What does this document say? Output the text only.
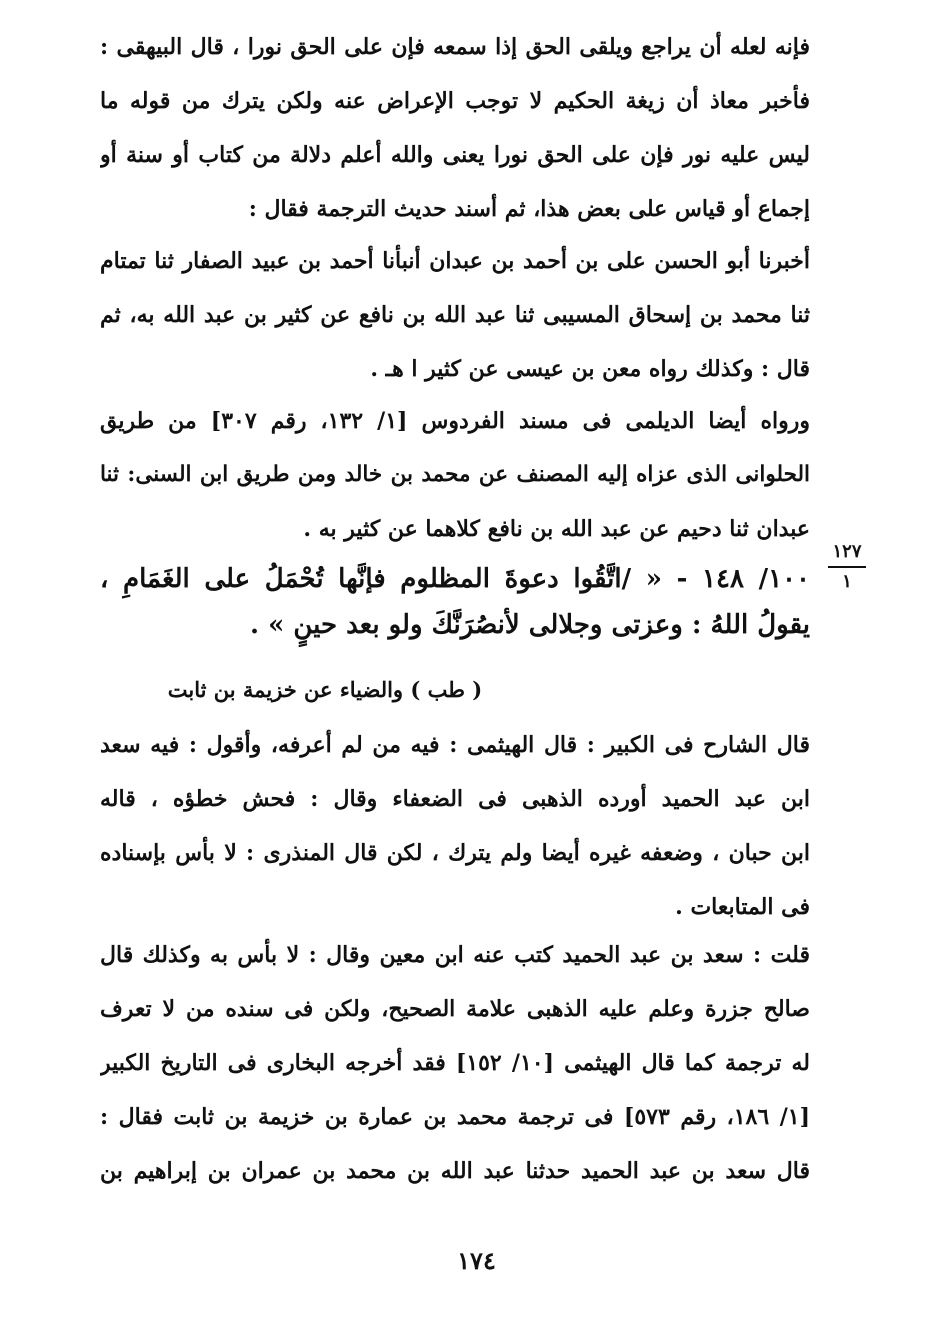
فإنه لعله أن يراجع ويلقى الحق إذا سمعه فإن على الحق نورا ، قال البيهقى :
فأخبر معاذ أن زيغة الحكيم لا توجب الإعراض عنه ولكن يترك من قوله ما
ليس عليه نور فإن على الحق نورا يعنى والله أعلم دلالة من كتاب أو سنة أو
إجماع أو قياس على بعض هذا، ثم أسند حديث الترجمة فقال :
أخبرنا أبو الحسن على بن أحمد بن عبدان أنبأنا أحمد بن عبيد الصفار ثنا تمتام
ثنا محمد بن إسحاق المسيبى ثنا عبد الله بن نافع عن كثير بن عبد الله به، ثم
قال : وكذلك رواه معن بن عيسى عن كثير ا هـ .
ورواه أيضا الديلمى فى مسند الفردوس [١/ ١٣٢، رقم ٣٠٧] من طريق
الحلوانى الذى عزاه إليه المصنف عن محمد بن خالد ومن طريق ابن السنى: ثنا
عبدان ثنا دحيم عن عبد الله بن نافع كلاهما عن كثير به .
١٠٠/ ١٤٨ - « /اتَّقُوا دعوةَ المظلوم فإنَّها تُحْمَلُ على الغَمَامِ ،
يقولُ اللهُ : وعزتى وجلالى لأنصُرَنَّكَ ولو بعد حينٍ » .
١٢٧
١
( طب ) والضياء عن خزيمة بن ثابت
قال الشارح فى الكبير : قال الهيثمى : فيه من لم أعرفه، وأقول : فيه سعد
ابن عبد الحميد أورده الذهبى فى الضعفاء وقال : فحش خطؤه ، قاله
ابن حبان ، وضعفه غيره أيضا ولم يترك ، لكن قال المنذرى : لا بأس بإسناده
فى المتابعات .
قلت : سعد بن عبد الحميد كتب عنه ابن معين وقال : لا بأس به وكذلك قال
صالح جزرة وعلم عليه الذهبى علامة الصحيح، ولكن فى سنده من لا تعرف
له ترجمة كما قال الهيثمى [١٠/ ١٥٢] فقد أخرجه البخارى فى التاريخ الكبير
[١/ ١٨٦، رقم ٥٧٣] فى ترجمة محمد بن عمارة بن خزيمة بن ثابت فقال :
قال سعد بن عبد الحميد حدثنا عبد الله بن محمد بن عمران بن إبراهيم بن
١٧٤
